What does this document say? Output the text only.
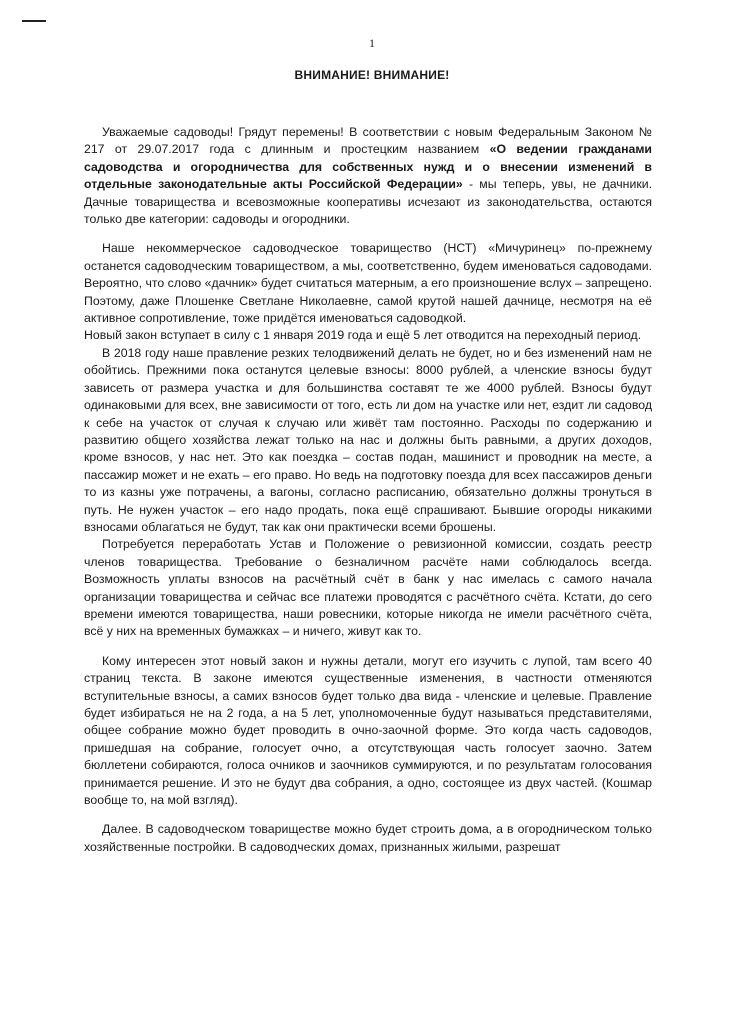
1
ВНИМАНИЕ! ВНИМАНИЕ!

Уважаемые садоводы! Грядут перемены! В соответствии с новым Федеральным Законом № 217 от 29.07.2017 года с длинным и простецким названием «О ведении гражданами садоводства и огородничества для собственных нужд и о внесении изменений в отдельные законодательные акты Российской Федерации» - мы теперь, увы, не дачники. Дачные товарищества и всевозможные кооперативы исчезают из законодательства, остаются только две категории: садоводы и огородники.

Наше некоммерческое садоводческое товарищество (НСТ) «Мичуринец» по-прежнему останется садоводческим товариществом, а мы, соответственно, будем именоваться садоводами. Вероятно, что слово «дачник» будет считаться матерным, а его произношение вслух – запрещено. Поэтому, даже Плошенке Светлане Николаевне, самой крутой нашей дачнице, несмотря на её активное сопротивление, тоже придётся именоваться садоводкой.

Новый закон вступает в силу с 1 января 2019 года и ещё 5 лет отводится на переходный период.

В 2018 году наше правление резких телодвижений делать не будет, но и без изменений нам не обойтись. Прежними пока останутся целевые взносы: 8000 рублей, а членские взносы будут зависеть от размера участка и для большинства составят те же 4000 рублей. Взносы будут одинаковыми для всех, вне зависимости от того, есть ли дом на участке или нет, ездит ли садовод к себе на участок от случая к случаю или живёт там постоянно. Расходы по содержанию и развитию общего хозяйства лежат только на нас и должны быть равными, а других доходов, кроме взносов, у нас нет. Это как поездка – состав подан, машинист и проводник на месте, а пассажир может и не ехать – его право. Но ведь на подготовку поезда для всех пассажиров деньги то из казны уже потрачены, а вагоны, согласно расписанию, обязательно должны тронуться в путь. Не нужен участок – его надо продать, пока ещё спрашивают. Бывшие огороды никакими взносами облагаться не будут, так как они практически всеми брошены.

Потребуется переработать Устав и Положение о ревизионной комиссии, создать реестр членов товарищества. Требование о безналичном расчёте нами соблюдалось всегда. Возможность уплаты взносов на расчётный счёт в банк у нас имелась с самого начала организации товарищества и сейчас все платежи проводятся с расчётного счёта. Кстати, до сего времени имеются товарищества, наши ровесники, которые никогда не имели расчётного счёта, всё у них на временных бумажках – и ничего, живут как то.

Кому интересен этот новый закон и нужны детали, могут его изучить с лупой, там всего 40 страниц текста. В законе имеются существенные изменения, в частности отменяются вступительные взносы, а самих взносов будет только два вида - членские и целевые. Правление будет избираться не на 2 года, а на 5 лет, уполномоченные будут называться представителями, общее собрание можно будет проводить в очно-заочной форме. Это когда часть садоводов, пришедшая на собрание, голосует очно, а отсутствующая часть голосует заочно. Затем бюллетени собираются, голоса очников и заочников суммируются, и по результатам голосования принимается решение. И это не будут два собрания, а одно, состоящее из двух частей. (Кошмар вообще то, на мой взгляд).

Далее. В садоводческом товариществе можно будет строить дома, а в огородническом только хозяйственные постройки. В садоводческих домах, признанных жилыми, разрешат
